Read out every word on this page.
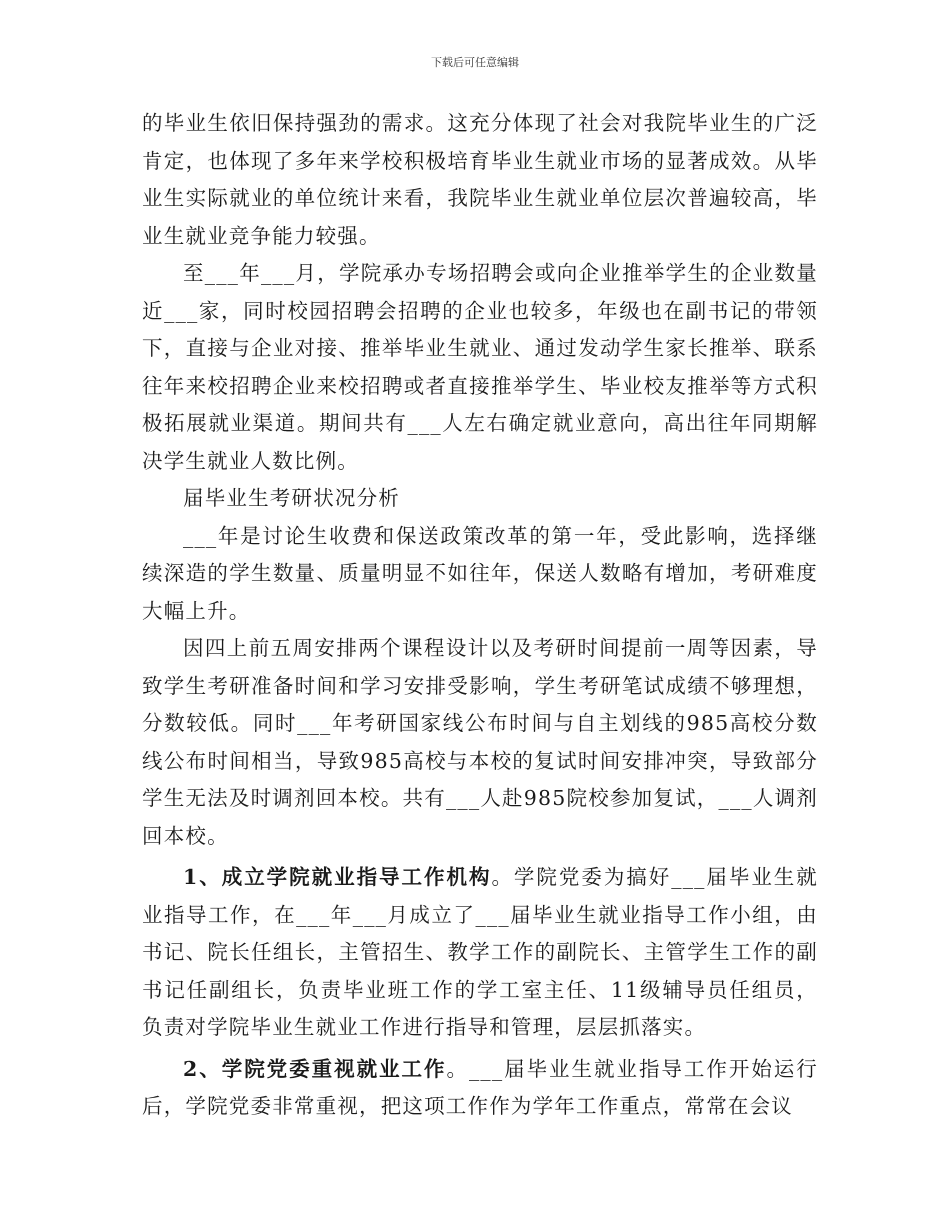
下载后可任意编辑

的毕业生依旧保持强劲的需求。这充分体现了社会对我院毕业生的广泛肯定，也体现了多年来学校积极培育毕业生就业市场的显著成效。从毕业生实际就业的单位统计来看，我院毕业生就业单位层次普遍较高，毕业生就业竞争能力较强。

至___年___月，学院承办专场招聘会或向企业推举学生的企业数量近___家，同时校园招聘会招聘的企业也较多，年级也在副书记的带领下，直接与企业对接、推举毕业生就业、通过发动学生家长推举、联系往年来校招聘企业来校招聘或者直接推举学生、毕业校友推举等方式积极拓展就业渠道。期间共有___人左右确定就业意向，高出往年同期解决学生就业人数比例。

届毕业生考研状况分析

___年是讨论生收费和保送政策改革的第一年，受此影响，选择继续深造的学生数量、质量明显不如往年，保送人数略有增加，考研难度大幅上升。

因四上前五周安排两个课程设计以及考研时间提前一周等因素，导致学生考研准备时间和学习安排受影响，学生考研笔试成绩不够理想，分数较低。同时___年考研国家线公布时间与自主划线的985高校分数线公布时间相当，导致985高校与本校的复试时间安排冲突，导致部分学生无法及时调剂回本校。共有___人赴985院校参加复试，___人调剂回本校。

1、成立学院就业指导工作机构。学院党委为搞好___届毕业生就业指导工作，在___年___月成立了___届毕业生就业指导工作小组，由书记、院长任组长，主管招生、教学工作的副院长、主管学生工作的副书记任副组长，负责毕业班工作的学工室主任、11级辅导员任组员，负责对学院毕业生就业工作进行指导和管理，层层抓落实。

2、学院党委重视就业工作。___届毕业生就业指导工作开始运行后，学院党委非常重视，把这项工作作为学年工作重点，常常在会议
